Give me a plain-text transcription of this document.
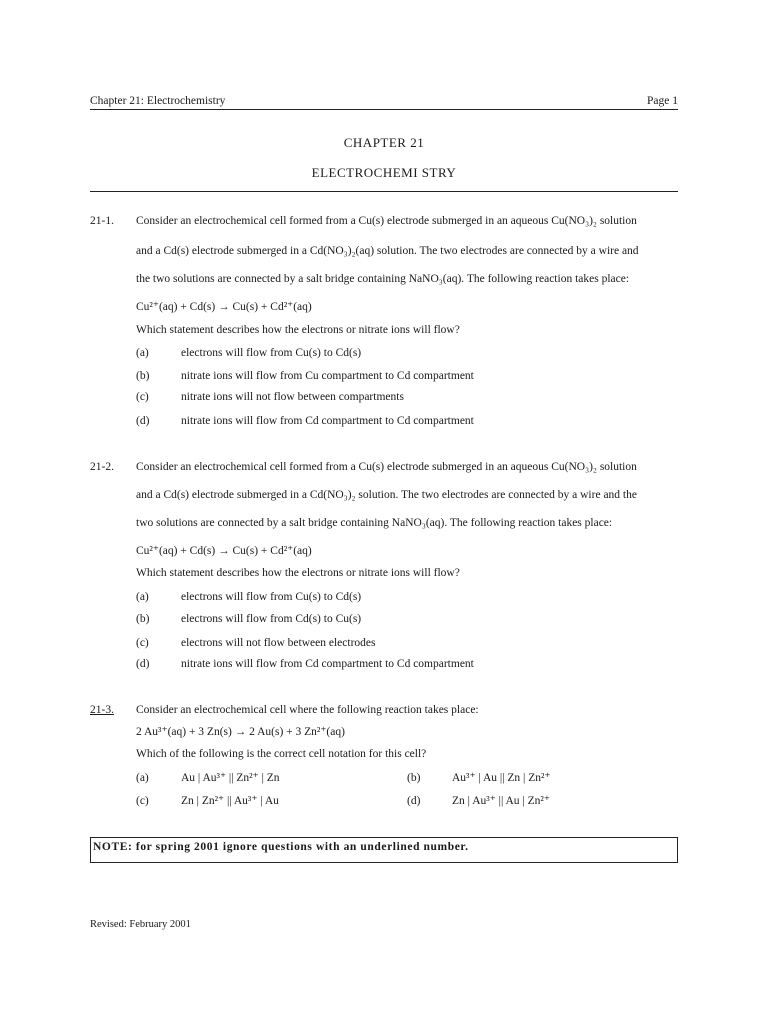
Chapter 21: Electrochemistry	Page 1
CHAPTER 21
ELECTROCHEMI STRY
21-1. Consider an electrochemical cell formed from a Cu(s) electrode submerged in an aqueous Cu(NO₃)₂ solution
and a Cd(s) electrode submerged in a Cd(NO₃)₂(aq) solution. The two electrodes are connected by a wire and
the two solutions are connected by a salt bridge containing NaNO₃(aq). The following reaction takes place:
Cu²⁺(aq) + Cd(s) → Cu(s) + Cd²⁺(aq)
Which statement describes how the electrons or nitrate ions will flow?
(a)	electrons will flow from Cu(s) to Cd(s)
(b)	nitrate ions will flow from Cu compartment to Cd compartment
(c)	nitrate ions will not flow between compartments
(d)	nitrate ions will flow from Cd compartment to Cd compartment
21-2. Consider an electrochemical cell formed from a Cu(s) electrode submerged in an aqueous Cu(NO₃)₂ solution
and a Cd(s) electrode submerged in a Cd(NO₃)₂ solution. The two electrodes are connected by a wire and the
two solutions are connected by a salt bridge containing NaNO₃(aq). The following reaction takes place:
Cu²⁺(aq) + Cd(s) → Cu(s) + Cd²⁺(aq)
Which statement describes how the electrons or nitrate ions will flow?
(a)	electrons will flow from Cu(s) to Cd(s)
(b)	electrons will flow from Cd(s) to Cu(s)
(c)	electrons will not flow between electrodes
(d)	nitrate ions will flow from Cd compartment to Cd compartment
21-3. Consider an electrochemical cell where the following reaction takes place:
2 Au³⁺(aq) + 3 Zn(s) → 2 Au(s) + 3 Zn²⁺(aq)
Which of the following is the correct cell notation for this cell?
(a)	Au | Au³⁺ || Zn²⁺ | Zn	(b)	Au³⁺ | Au || Zn | Zn²⁺
(c)	Zn | Zn²⁺ || Au³⁺ | Au	(d)	Zn | Au³⁺ || Au | Zn²⁺
NOTE: for spring 2001 ignore questions with an underlined number.
Revised: February 2001
